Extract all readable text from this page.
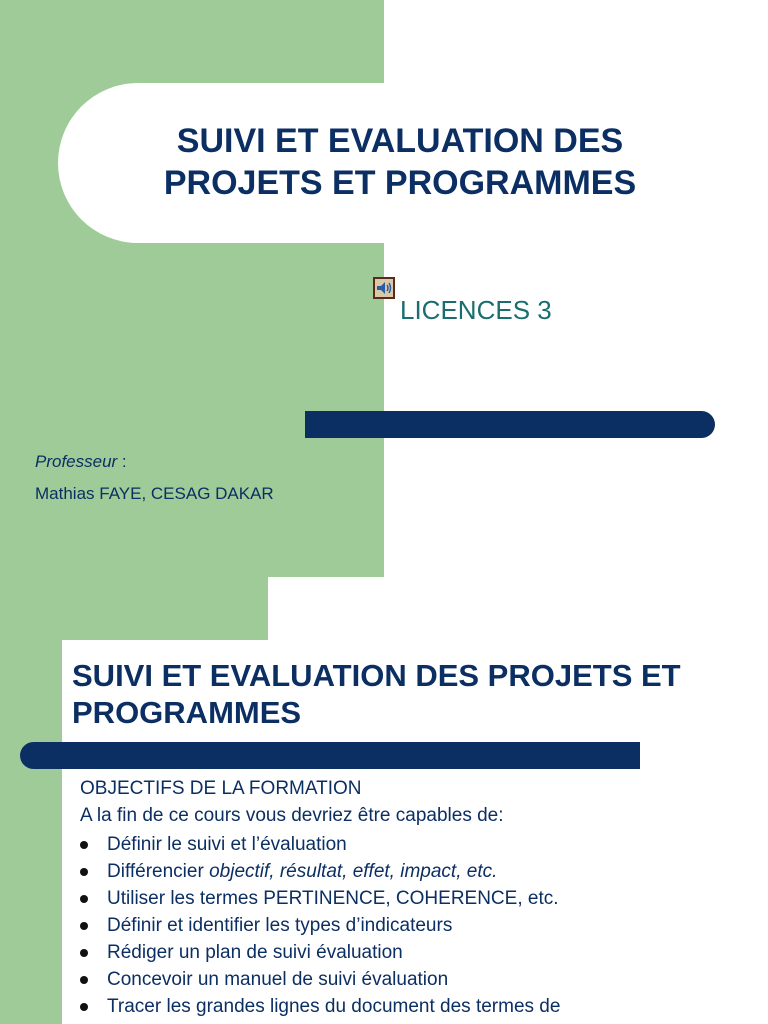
SUIVI ET EVALUATION DES PROJETS ET PROGRAMMES

LICENCES 3

Professeur :

Mathias FAYE, CESAG DAKAR

SUIVI ET EVALUATION DES PROJETS ET PROGRAMMES

OBJECTIFS DE LA FORMATION

A la fin de ce cours vous devriez être capables de:

Définir le suivi et l’évaluation
Différencier objectif, résultat, effet, impact, etc.
Utiliser les termes PERTINENCE, COHERENCE, etc.
Définir et identifier les types d’indicateurs
Rédiger un plan de suivi évaluation
Concevoir un manuel de suivi évaluation
Tracer les grandes lignes du document des termes de
